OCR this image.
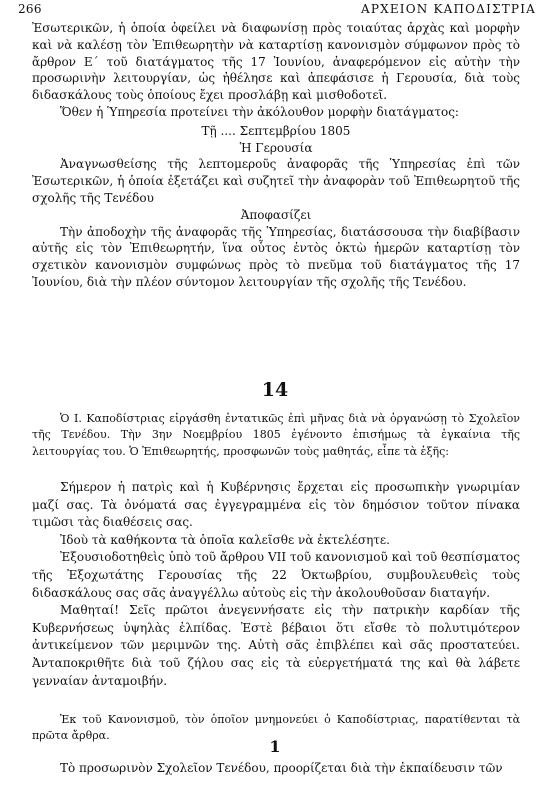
266	ΑΡΧΕΙΟΝ ΚΑΠΟΔΙΣΤΡΙΑ

Ἐσωτερικῶν, ἡ ὁποία ὀφείλει νὰ διαφωνίσῃ πρὸς τοιαύτας ἀρχὰς καὶ μορφὴν καὶ νὰ καλέσῃ τὸν Ἐπιθεωρητὴν νὰ καταρτίσῃ κανονισμὸν σύμφωνον πρὸς τὸ ἄρθρον Ε´ τοῦ διατάγματος τῆς 17 Ἰουνίου, ἀναφερόμενον εἰς αὐτὴν τὴν προσωρινὴν λειτουργίαν, ὡς ἠθέλησε καὶ ἀπεφάσισε ἡ Γερουσία, διὰ τοὺς διδασκάλους τοὺς ὁποίους ἔχει προσλάβῃ καὶ μισθοδοτεῖ.

Ὅθεν ἡ Ὑπηρεσία προτείνει τὴν ἀκόλουθον μορφὴν διατάγματος:

Τῇ .... Σεπτεμβρίου 1805

Ἡ Γερουσία

Ἀναγνωσθείσης τῆς λεπτομεροῦς ἀναφορᾶς τῆς Ὑπηρεσίας ἐπὶ τῶν Ἐσωτερικῶν, ἡ ὁποία ἐξετάζει καὶ συζητεῖ τὴν ἀναφορὰν τοῦ Ἐπιθεωρητοῦ τῆς σχολῆς τῆς Τενέδου

Ἀποφασίζει

Τὴν ἀποδοχὴν τῆς ἀναφορᾶς τῆς Ὑπηρεσίας, διατάσσουσα τὴν διαβίβασιν αὐτῆς εἰς τὸν Ἐπιθεωρητήν, ἵνα οὗτος ἐντὸς ὀκτὼ ἡμερῶν καταρτίσῃ τὸν σχετικὸν κανονισμὸν συμφώνως πρὸς τὸ πνεῦμα τοῦ διατάγματος τῆς 17 Ἰουνίου, διὰ τὴν πλέον σύντομον λειτουργίαν τῆς σχολῆς τῆς Τενέδου.

14

Ὁ Ι. Καποδίστριας εἰργάσθη ἐντατικῶς ἐπὶ μῆνας διὰ νὰ ὀργανώσῃ τὸ Σχολεῖον τῆς Τενέδου. Τὴν 3ην Νοεμβρίου 1805 ἐγένοντο ἐπισήμως τὰ ἐγκαίνια τῆς λειτουργίας του. Ὁ Ἐπιθεωρητής, προσφωνῶν τοὺς μαθητάς, εἶπε τὰ ἑξῆς:

Σήμερον ἡ πατρὶς καὶ ἡ Κυβέρνησις ἔρχεται εἰς προσωπικὴν γνωριμίαν μαζί σας. Τὰ ὀνόματά σας ἐγγεγραμμένα εἰς τὸν δημόσιον τοῦτον πίνακα τιμῶσι τὰς διαθέσεις σας.

Ἰδοὺ τὰ καθήκοντα τὰ ὁποῖα καλεῖσθε νὰ ἐκτελέσητε.

Ἐξουσιοδοτηθεὶς ὑπὸ τοῦ ἄρθρου VII τοῦ κανονισμοῦ καὶ τοῦ θεσπίσματος τῆς Ἐξοχωτάτης Γερουσίας τῆς 22 Ὀκτωβρίου, συμβουλευθεὶς τοὺς διδασκάλους σας σᾶς ἀναγγέλλω αὐτοὺς εἰς τὴν ἀκολουθοῦσαν διαταγήν.

Μαθηταί! Σεῖς πρῶτοι ἀνεγεννήσατε εἰς τὴν πατρικὴν καρδίαν τῆς Κυβερνήσεως ὑψηλὰς ἐλπίδας. Ἐστὲ βέβαιοι ὅτι εἴσθε τὸ πολυτιμότερον ἀντικείμενον τῶν μεριμνῶν της. Αὐτὴ σᾶς ἐπιβλέπει καὶ σᾶς προστατεύει. Ἀνταποκριθῆτε διὰ τοῦ ζήλου σας εἰς τὰ εὐεργετήματά της καὶ θὰ λάβετε γενναίαν ἀνταμοιβήν.

Ἐκ τοῦ Κανονισμοῦ, τὸν ὁποῖον μνημονεύει ὁ Καποδίστριας, παρατίθενται τὰ πρῶτα ἄρθρα.

1

Τὸ προσωρινὸν Σχολεῖον Τενέδου, προορίζεται διὰ τὴν ἐκπαίδευσιν τῶν
